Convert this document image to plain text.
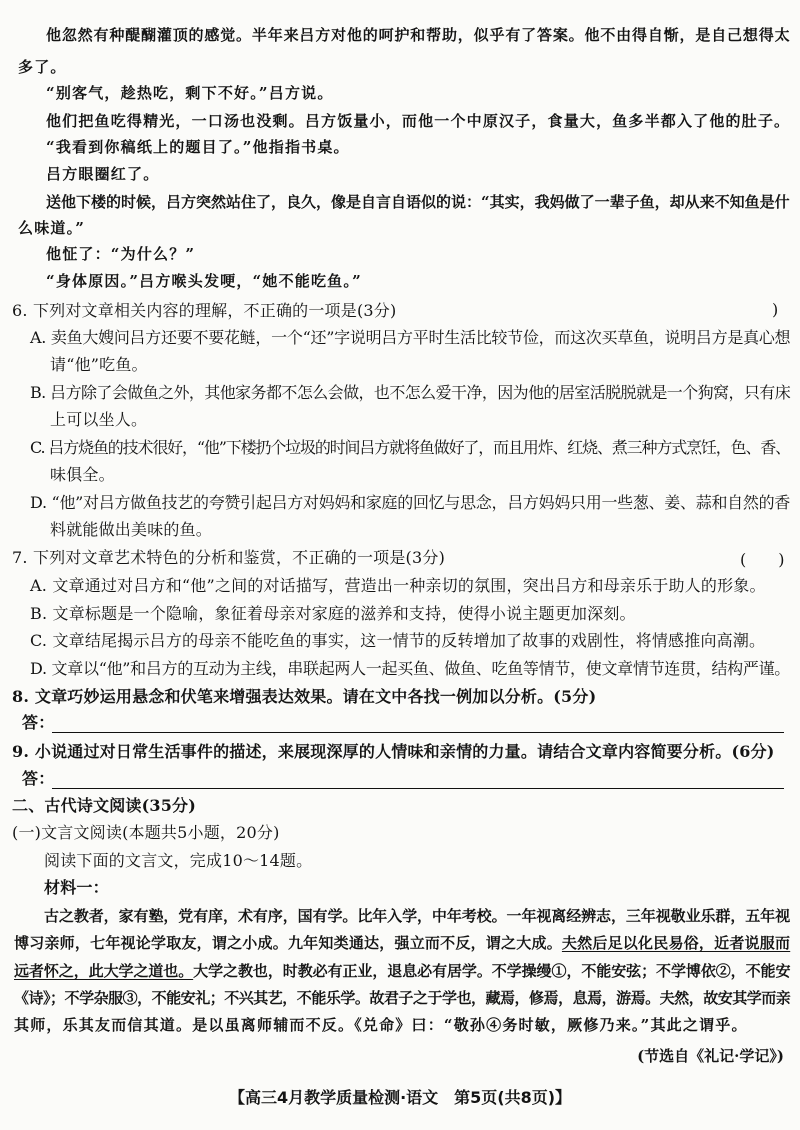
他忽然有种醍醐灌顶的感觉。半年来吕方对他的呵护和帮助，似乎有了答案。他不由得自惭，是自己想得太
多了。
“别客气，趁热吃，剩下不好。”吕方说。
他们把鱼吃得精光，一口汤也没剩。吕方饭量小，而他一个中原汉子，食量大，鱼多半都入了他的肚子。
“我看到你稿纸上的题目了。”他指指书桌。
吕方眼圈红了。
送他下楼的时候，吕方突然站住了，良久，像是自言自语似的说：“其实，我妈做了一辈子鱼，却从来不知鱼是什
么味道。”
他怔了：“为什么？”
“身体原因。”吕方喉头发哽，“她不能吃鱼。”
6. 下列对文章相关内容的理解，不正确的一项是(3分)	)
A. 卖鱼大嫂问吕方还要不要花鲢，一个“还”字说明吕方平时生活比较节俭，而这次买草鱼，说明吕方是真心想
请“他”吃鱼。
B. 吕方除了会做鱼之外，其他家务都不怎么会做，也不怎么爱干净，因为他的居室活脱脱就是一个狗窝，只有床
上可以坐人。
C. 吕方烧鱼的技术很好，“他”下楼扔个垃圾的时间吕方就将鱼做好了，而且用炸、红烧、煮三种方式烹饪，色、香、
味俱全。
D. “他”对吕方做鱼技艺的夸赞引起吕方对妈妈和家庭的回忆与思念，吕方妈妈只用一些葱、姜、蒜和自然的香
料就能做出美味的鱼。
7. 下列对文章艺术特色的分析和鉴赏，不正确的一项是(3分)	(　　)
A. 文章通过对吕方和“他”之间的对话描写，营造出一种亲切的氛围，突出吕方和母亲乐于助人的形象。
B. 文章标题是一个隐喻，象征着母亲对家庭的滋养和支持，使得小说主题更加深刻。
C. 文章结尾揭示吕方的母亲不能吃鱼的事实，这一情节的反转增加了故事的戏剧性，将情感推向高潮。
D. 文章以“他”和吕方的互动为主线，串联起两人一起买鱼、做鱼、吃鱼等情节，使文章情节连贯，结构严谨。
8. 文章巧妙运用悬念和伏笔来增强表达效果。请在文中各找一例加以分析。(5分)
答：
9. 小说通过对日常生活事件的描述，来展现深厚的人情味和亲情的力量。请结合文章内容简要分析。(6分)
答：
二、古代诗文阅读(35分)
(一)文言文阅读(本题共5小题，20分)
阅读下面的文言文，完成10～14题。
材料一：
古之教者，家有塾，党有庠，术有序，国有学。比年入学，中年考校。一年视离经辨志，三年视敬业乐群，五年视
博习亲师，七年视论学取友，谓之小成。九年知类通达，强立而不反，谓之大成。夫然后足以化民易俗，近者说服而
远者怀之，此大学之道也。大学之教也，时教必有正业，退息必有居学。不学操缦①，不能安弦；不学博依②，不能安
《诗》；不学杂服③，不能安礼；不兴其艺，不能乐学。故君子之于学也，藏焉，修焉，息焉，游焉。夫然，故安其学而亲
其师，乐其友而信其道。是以虽离师辅而不反。《兑命》曰：“敬孙④务时敏，厥修乃来。”其此之谓乎。
(节选自《礼记·学记》)
【高三4月教学质量检测·语文　第5页(共8页)】
